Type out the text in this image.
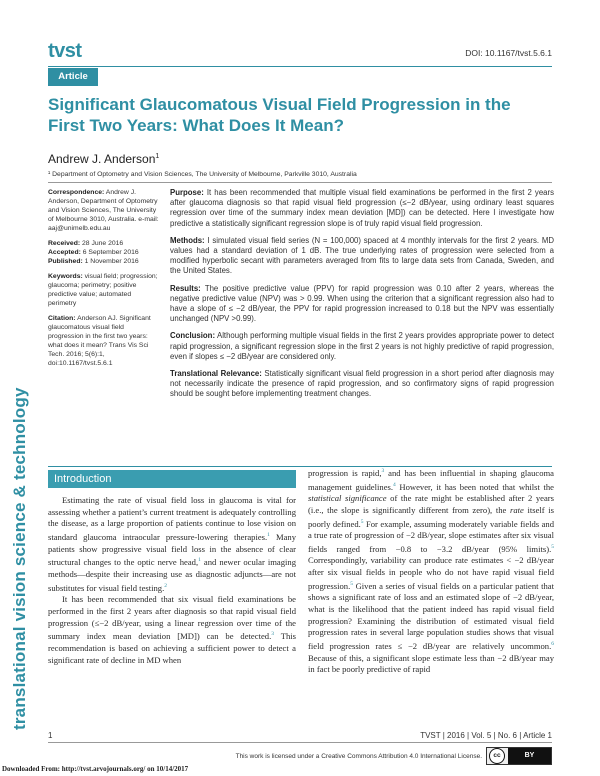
tvst	DOI: 10.1167/tvst.5.6.1
Article
Significant Glaucomatous Visual Field Progression in the First Two Years: What Does It Mean?
Andrew J. Anderson$^1$
¹ Department of Optometry and Vision Sciences, The University of Melbourne, Parkville 3010, Australia

Correspondence: Andrew J. Anderson, Department of Optometry and Vision Sciences, The University of Melbourne 3010, Australia. e-mail: aaj@unimelb.edu.au

Received: 28 June 2016

Accepted: 6 September 2016

Published: 1 November 2016

Keywords: visual field; progression; glaucoma; perimetry; positive predictive value; automated perimetry

Citation: Anderson AJ. Significant glaucomatous visual field progression in the first two years: what does it mean? Trans Vis Sci Tech. 2016; 5(6):1, doi:10.1167/tvst.5.6.1

Purpose: It has been recommended that multiple visual field examinations be performed in the first 2 years after glaucoma diagnosis so that rapid visual field progression (≤−2 dB/year, using ordinary least squares regression over time of the summary index mean deviation [MD]) can be detected. Here I investigate how predictive a statistically significant regression slope is of truly rapid visual field progression.

Methods: I simulated visual field series (N = 100,000) spaced at 4 monthly intervals for the first 2 years. MD values had a standard deviation of 1 dB. The true underlying rates of progression were selected from a modified hyperbolic secant with parameters averaged from fits to large data sets from Canada, Sweden, and the United States.

Results: The positive predictive value (PPV) for rapid progression was 0.10 after 2 years, whereas the negative predictive value (NPV) was > 0.99. When using the criterion that a significant regression also had to have a slope of ≤ −2 dB/year, the PPV for rapid progression increased to 0.18 but the NPV was essentially unchanged (NPV >0.99).

Conclusion: Although performing multiple visual fields in the first 2 years provides appropriate power to detect rapid progression, a significant regression slope in the first 2 years is not highly predictive of rapid progression, even if slopes ≤ −2 dB/year are considered only.

Translational Relevance: Statistically significant visual field progression in a short period after diagnosis may not necessarily indicate the presence of rapid progression, and so confirmatory signs of rapid progression should be sought before implementing treatment changes.

translational vision science & technology	Introduction

Estimating the rate of visual field loss in glaucoma is vital for assessing whether a patient’s current treatment is adequately controlling the disease, as a large proportion of patients continue to lose vision on standard glaucoma intraocular pressure-lowering therapies.$^1$ Many patients show progressive visual field loss in the absence of clear structural changes to the optic nerve head,$^1$ and newer ocular imaging methods—despite their increasing use as diagnostic adjuncts—are not substitutes for visual field testing.$^2$

It has been recommended that six visual field examinations be performed in the first 2 years after diagnosis so that rapid visual field progression (≤−2 dB/year, using a linear regression over time of the summary index mean deviation [MD]) can be detected.$^3$ This recommendation is based on achieving a sufficient power to detect a significant rate of decline in MD when

progression is rapid,$^3$ and has been influential in shaping glaucoma management guidelines.$^4$ However, it has been noted that whilst the statistical significance of the rate might be established after 2 years (i.e., the slope is significantly different from zero), the rate itself is poorly defined.$^5$ For example, assuming moderately variable fields and a true rate of progression of −2 dB/year, slope estimates after six visual fields ranged from −0.8 to −3.2 dB/year (95% limits).$^5$ Correspondingly, variability can produce rate estimates < −2 dB/year after six visual fields in people who do not have rapid visual field progression.$^5$ Given a series of visual fields on a particular patient that shows a significant rate of loss and an estimated slope of −2 dB/year, what is the likelihood that the patient indeed has rapid visual field progression? Examining the distribution of estimated visual field progression rates in several large population studies shows that visual field progression rates ≤ −2 dB/year are relatively uncommon.$^6$ Because of this, a significant slope estimate less than −2 dB/year may in fact be poorly predictive of rapid

1	TVST | 2016 | Vol. 5 | No. 6 | Article 1
This work is licensed under a Creative Commons Attribution 4.0 International License.	cc	BY
Downloaded From: http://tvst.arvojournals.org/ on 10/14/2017
